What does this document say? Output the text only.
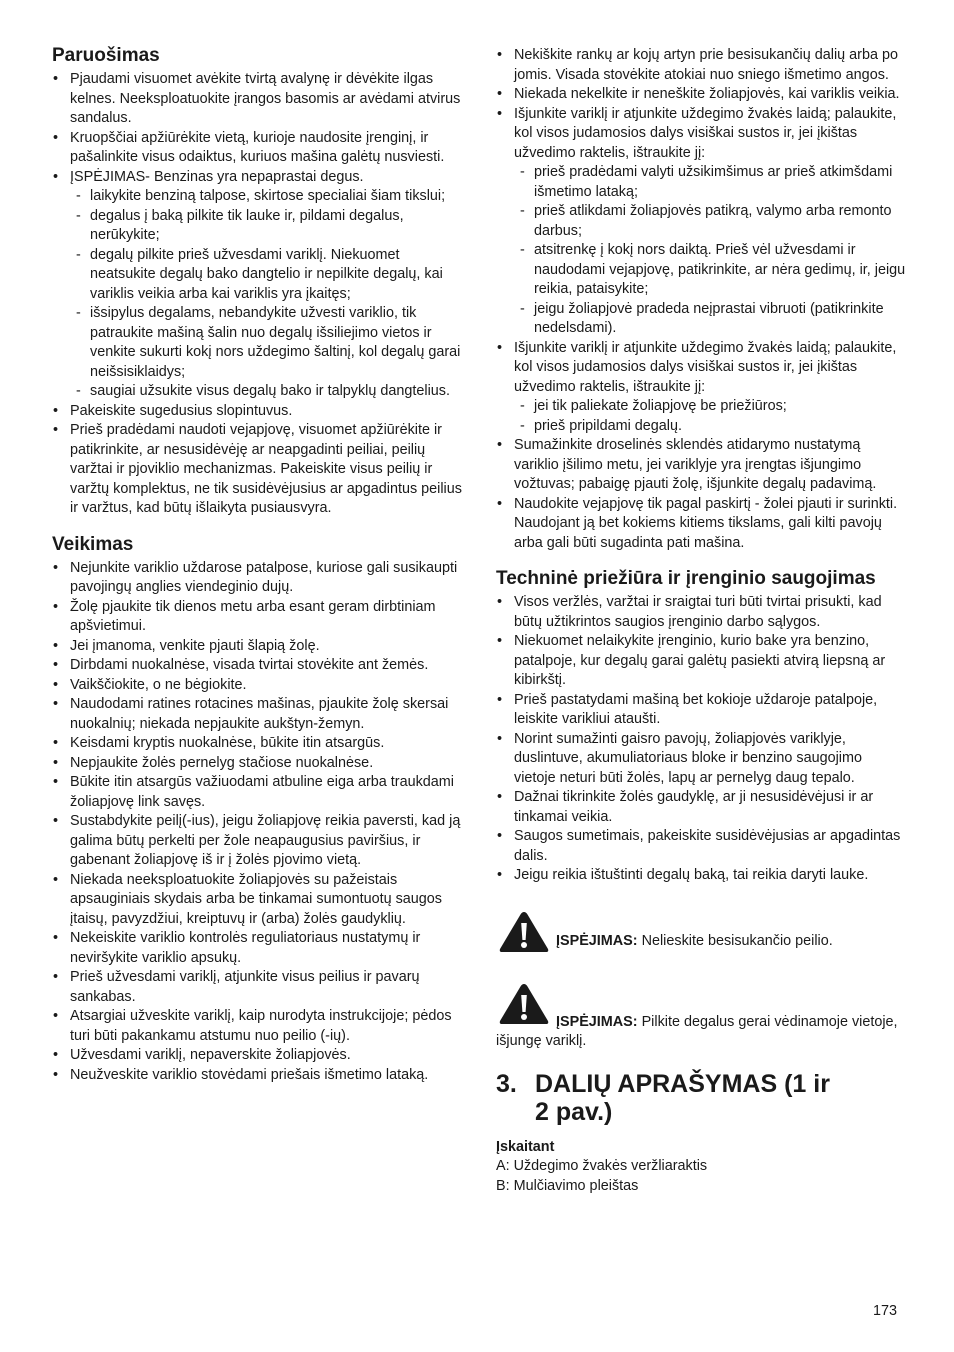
Paruošimas
• Pjaudami visuomet avėkite tvirtą avalynę ir dėvėkite ilgas kelnes. Neeksploatuokite įrangos basomis ar avėdami atvirus sandalus.
• Kruopščiai apžiūrėkite vietą, kurioje naudosite įrenginį, ir pašalinkite visus odaiktus, kuriuos mašina galėtų nusviesti.
• ĮSPĖJIMAS- Benzinas yra nepaprastai degus.
- laikykite benziną talpose, skirtose specialiai šiam tikslui;
- degalus į baką pilkite tik lauke ir, pildami degalus, nerūkykite;
- degalų pilkite prieš užvesdami variklį. Niekuomet neatsukite degalų bako dangtelio ir nepilkite degalų, kai variklis veikia arba kai variklis yra įkaitęs;
- išsipylus degalams, nebandykite užvesti variklio, tik patraukite mašiną šalin nuo degalų išsiliejimo vietos ir venkite sukurti kokį nors uždegimo šaltinį, kol degalų garai neišsisiklaidys;
- saugiai užsukite visus degalų bako ir talpyklų dangtelius.
• Pakeiskite sugedusius slopintuvus.
• Prieš pradėdami naudoti vejapjovę, visuomet apžiūrėkite ir patikrinkite, ar nesusidėvėję ar neapgadinti peiliai, peilių varžtai ir pjoviklio mechanizmas. Pakeiskite visus peilių ir varžtų komplektus, ne tik susidėvėjusius ar apgadintus peilius ir varžtus, kad būtų išlaikyta pusiausvyra.
Veikimas
• Nejunkite variklio uždarose patalpose, kuriose gali susikaupti pavojingų anglies viendeginio dujų.
• Žolę pjaukite tik dienos metu arba esant geram dirbtiniam apšvietimui.
• Jei įmanoma, venkite pjauti šlapią žolę.
• Dirbdami nuokalnėse, visada tvirtai stovėkite ant žemės.
• Vaikščiokite, o ne bėgiokite.
• Naudodami ratines rotacines mašinas, pjaukite žolę skersai nuokalnių; niekada nepjaukite aukštyn-žemyn.
• Keisdami kryptis nuokalnėse, būkite itin atsargūs.
• Nepjaukite žolės pernelyg stačiose nuokalnėse.
• Būkite itin atsargūs važiuodami atbuline eiga arba traukdami žoliapjovę link savęs.
• Sustabdykite peilį(-ius), jeigu žoliapjovę reikia paversti, kad ją galima būtų perkelti per žole neapaugusius paviršius, ir gabenant žoliapjovę iš ir į žolės pjovimo vietą.
• Niekada neeksploatuokite žoliapjovės su pažeistais apsauginiais skydais arba be tinkamai sumontuotų saugos įtaisų, pavyzdžiui, kreiptuvų ir (arba) žolės gaudyklių.
• Nekeiskite variklio kontrolės reguliatoriaus nustatymų ir neviršykite variklio apsukų.
• Prieš užvesdami variklį, atjunkite visus peilius ir pavarų sankabas.
• Atsargiai užveskite variklį, kaip nurodyta instrukcijoje; pėdos turi būti pakankamu atstumu nuo peilio (-ių).
• Užvesdami variklį, nepaverskite žoliapjovės.
• Neužveskite variklio stovėdami priešais išmetimo lataką.
• Nekiškite rankų ar kojų artyn prie besisukančių dalių arba po jomis. Visada stovėkite atokiai nuo sniego išmetimo angos.
• Niekada nekelkite ir neneškite žoliapjovės, kai variklis veikia.
• Išjunkite variklį ir atjunkite uždegimo žvakės laidą; palaukite, kol visos judamosios dalys visiškai sustos ir, jei įkištas užvedimo raktelis, ištraukite jį:
- prieš pradėdami valyti užsikimšimus ar prieš atkimšdami išmetimo lataką;
- prieš atlikdami žoliapjovės patikrą, valymo arba remonto darbus;
- atsitrenkę į kokį nors daiktą. Prieš vėl užvesdami ir naudodami vejapjovę, patikrinkite, ar nėra gedimų, ir, jeigu reikia, pataisykite;
- jeigu žoliapjovė pradeda neįprastai vibruoti (patikrinkite nedelsdami).
• Išjunkite variklį ir atjunkite uždegimo žvakės laidą; palaukite, kol visos judamosios dalys visiškai sustos ir, jei įkištas užvedimo raktelis, ištraukite jį:
- jei tik paliekate žoliapjovę be priežiūros;
- prieš pripildami degalų.
• Sumažinkite droselinės sklendės atidarymo nustatymą variklio įšilimo metu, jei variklyje yra įrengtas išjungimo vožtuvas; pabaigę pjauti žolę, išjunkite degalų padavimą.
• Naudokite vejapjovę tik pagal paskirtį - žolei pjauti ir surinkti. Naudojant ją bet kokiems kitiems tikslams, gali kilti pavojų arba gali būti sugadinta pati mašina.
Techninė priežiūra ir įrenginio saugojimas
• Visos veržlės, varžtai ir sraigtai turi būti tvirtai prisukti, kad būtų užtikrintos saugios įrenginio darbo sąlygos.
• Niekuomet nelaikykite įrenginio, kurio bake yra benzino, patalpoje, kur degalų garai galėtų pasiekti atvirą liepsną ar kibirkštį.
• Prieš pastatydami mašiną bet kokioje uždaroje patalpoje, leiskite varikliui ataušti.
• Norint sumažinti gaisro pavojų, žoliapjovės variklyje, duslintuve, akumuliatoriaus bloke ir benzino saugojimo vietoje neturi būti žolės, lapų ar pernelyg daug tepalo.
• Dažnai tikrinkite žolės gaudyklę, ar ji nesusidėvėjusi ir ar tinkamai veikia.
• Saugos sumetimais, pakeiskite susidėvėjusias ar apgadintas dalis.
• Jeigu reikia ištuštinti degalų baką, tai reikia daryti lauke.
ĮSPĖJIMAS: Nelieskite besisukančio peilio.
ĮSPĖJIMAS: Pilkite degalus gerai vėdinamoje vietoje, išjungę variklį.
3. DALIŲ APRAŠYMAS (1 ir 2 pav.)
Įskaitant
A: Uždegimo žvakės veržliaraktis
B: Mulčiavimo pleištas
173
